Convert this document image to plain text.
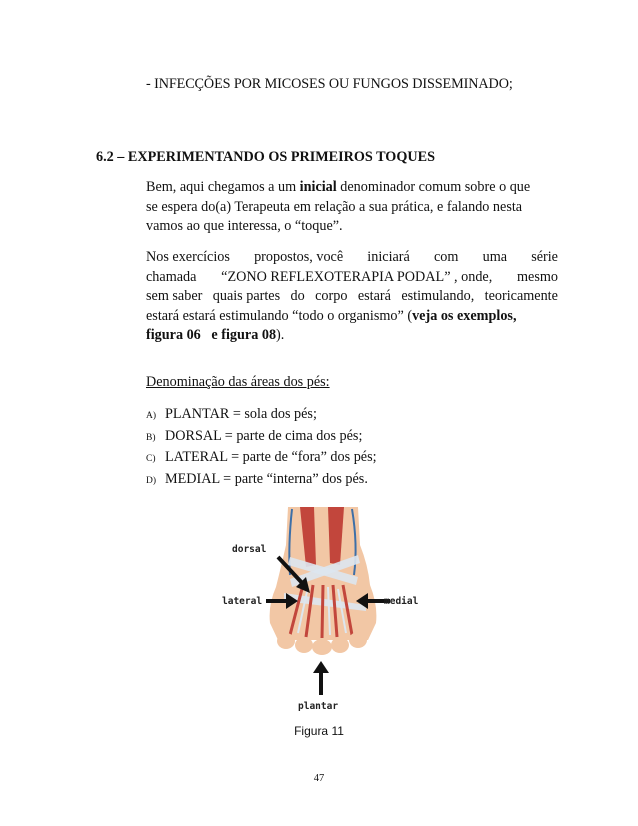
- INFECÇÕES POR MICOSES OU FUNGOS DISSEMINADO;
6.2 – EXPERIMENTANDO OS PRIMEIROS TOQUES
Bem, aqui chegamos a um inicial denominador comum sobre o que
se espera do(a) Terapeuta em relação a sua prática, e falando nesta
vamos ao que interessa, o “toque”.
Nos exercícios propostos, você iniciará com uma série
chamada “ZONO REFLEXOTERAPIA PODAL” , onde, mesmo
sem saber quais partes do corpo estará estimulando, teoricamente
estará estará estimulando “todo o organismo” (veja os exemplos,
figura 06 e figura 08).
Denominação das áreas dos pés:
A) PLANTAR = sola dos pés;
B) DORSAL = parte de cima dos pés;
C) LATERAL = parte de “fora” dos pés;
D) MEDIAL = parte “interna” dos pés.
dorsal
lateral	medial
plantar
Figura 11
47
